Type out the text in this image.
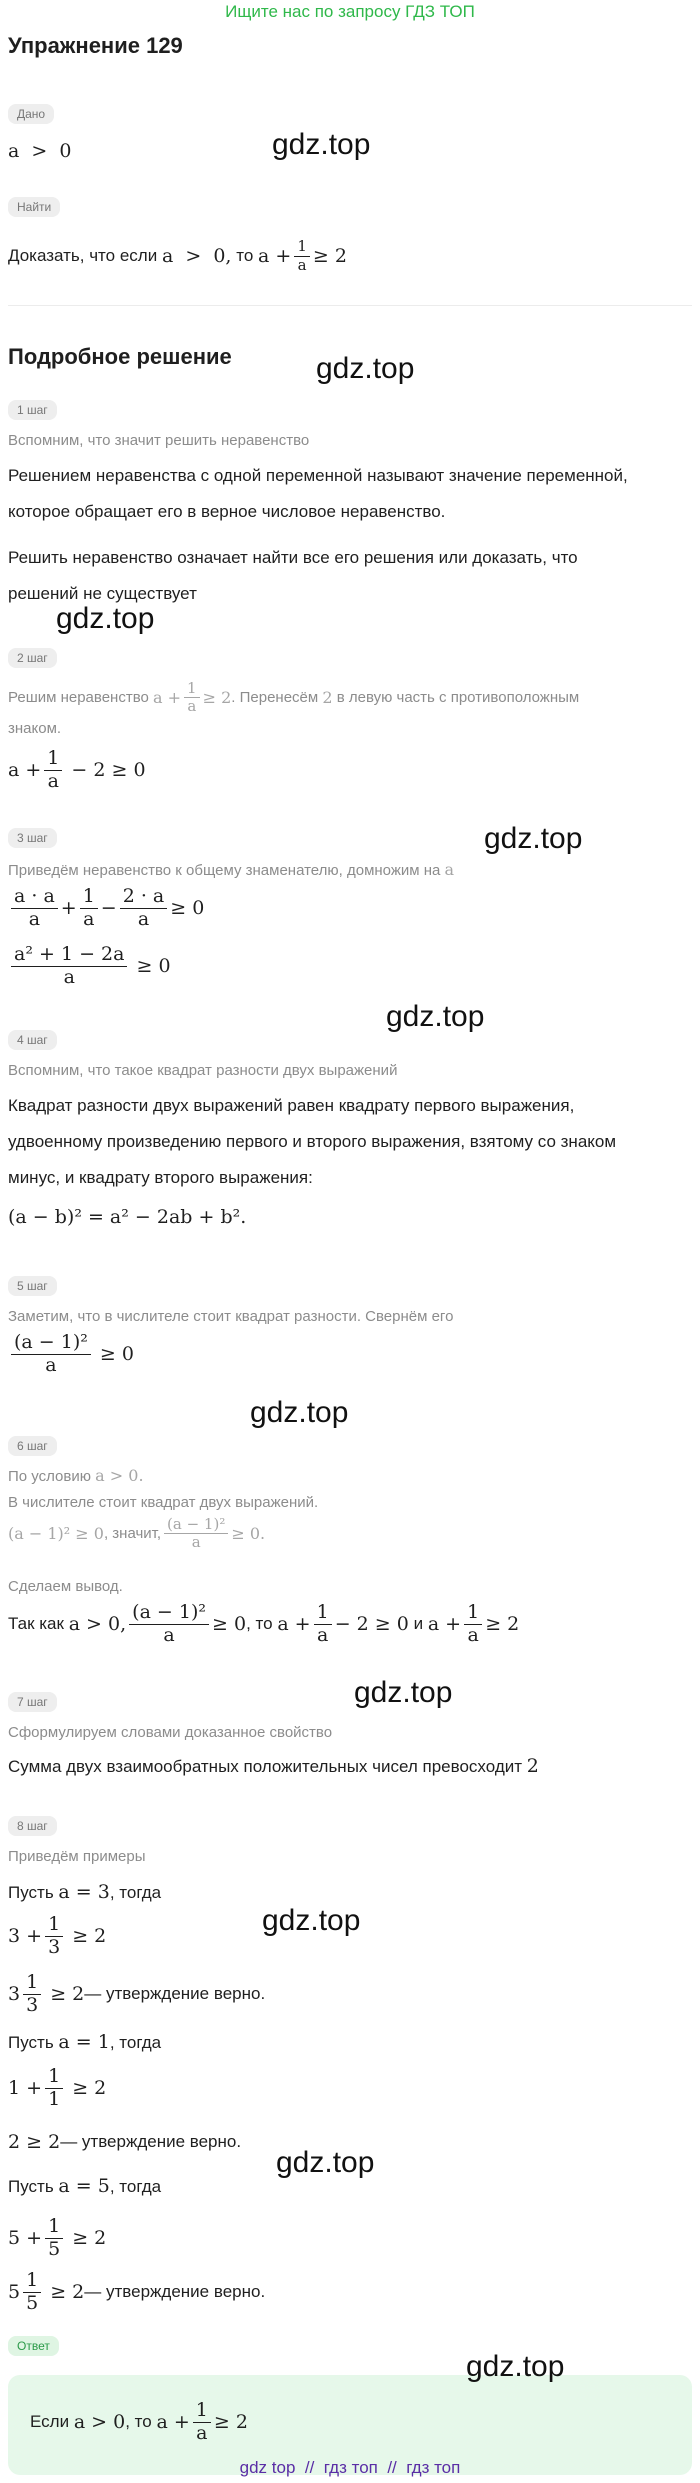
Ищите нас по запросу ГДЗ ТОП
Упражнение 129
Дано
a  >  0	gdz.top
Найти
Доказать, что если
a  >  0,
то
$a + \frac{1}{a} \ge 2$
Подробное решение	gdz.top
1 шаг
Вспомним, что значит решить неравенство
Решением неравенства с одной переменной называют значение переменной,
которое обращает его в верное числовое неравенство.
Решить неравенство означает найти все его решения или доказать, что
решений не существует
gdz.top
2 шаг
Решим неравенство
$a + \frac{1}{a} \ge 2$ . Перенесём
2
в левую часть с противоположным
знаком.
$a + \frac{1}{a} - 2 \ge 0$
3 шаг	gdz.top
Приведём неравенство к общему знаменателю, домножим на a
$\frac{a \cdot a}{a} + \frac{1}{a} - \frac{2 \cdot a}{a} \ge 0$
$\frac{\text{a² + 1 − 2a}}{a} \ge 0$
gdz.top
4 шаг
Вспомним, что такое квадрат разности двух выражений
Квадрат разности двух выражений равен квадрату первого выражения,
удвоенному произведению первого и второго выражения, взятому со знаком
минус, и квадрату второго выражения:
(a − b)² = a² − 2ab + b².
5 шаг
Заметим, что в числителе стоит квадрат разности. Свернём его
$\frac{\text{(a − 1)²}}{a} \ge 0$
gdz.top
6 шаг
По условию a > 0.
В числителе стоит квадрат двух выражений.
(a − 1)² ≥ 0 , значит, $\frac{\text{(a − 1)²}}{a} \ge 0$.
Сделаем вывод.
Так как
a > 0, $\frac{\text{(a − 1)²}}{a} \ge 0$ , то
$a + \frac{1}{a} - 2 \ge 0$
и
$a + \frac{1}{a} \ge 2$
gdz.top
7 шаг
Сформулируем словами доказанное свойство
Сумма двух взаимообратных положительных чисел превосходит 2
8 шаг
Приведём примеры
Пусть a = 3, тогда
gdz.top
$3 + \frac{1}{3} \ge 2$
$3 \frac{1}{3} \ge 2$ — утверждение верно.
Пусть a = 1, тогда
$1 + \frac{1}{1} \ge 2$
2 ≥ 2 — утверждение верно.
gdz.top
Пусть a = 5, тогда
$5 + \frac{1}{5} \ge 2$
$5 \frac{1}{5} \ge 2$ — утверждение верно.
Ответ
gdz.top
Если
a > 0 , то
$a + \frac{1}{a} \ge 2$
gdz top  //  гдз топ  //  гдз топ
